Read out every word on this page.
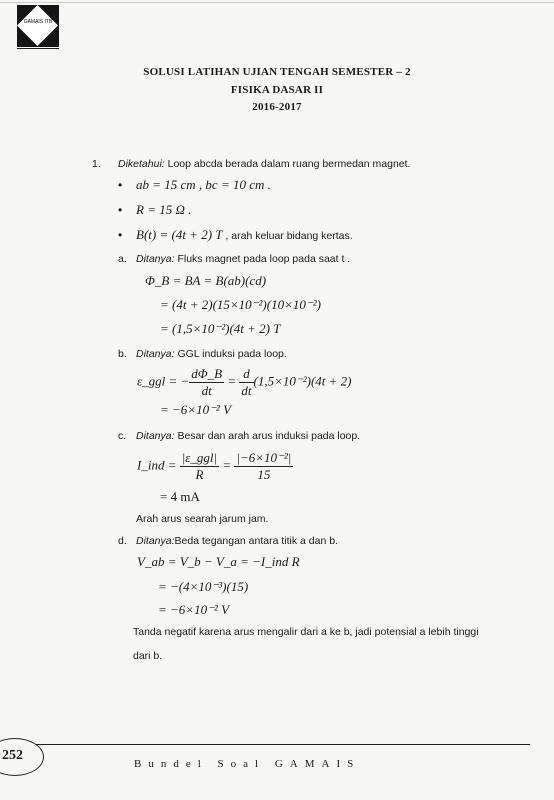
GAMAIS ITB
SOLUSI LATIHAN UJIAN TENGAH SEMESTER – 2
FISIKA DASAR II
2016-2017
1. Diketahui: Loop abcda berada dalam ruang bermedan magnet.
• ab = 15 cm , bc = 10 cm .
• R = 15 Ω .
• B(t) = (4t + 2) T , arah keluar bidang kertas.
a. Ditanya: Fluks magnet pada loop pada saat t .
Φ_B = BA = B(ab)(cd)
= (4t + 2)(15×10⁻²)(10×10⁻²)
= (1,5×10⁻²)(4t + 2) T
b. Ditanya: GGL induksi pada loop.
ε_ggl = − $\frac{d\Phi\_B}{dt} = \frac{d}{dt} (1,5\times 10^{-2})(4t + 2)$
= −6×10⁻² V
c. Ditanya: Besar dan arah arus induksi pada loop.
I_ind = $\frac{\text{|ε\_ggl|}}{R} = \frac{\text{|−6×10⁻²|}}{15}$
= 4 mA
Arah arus searah jarum jam.
d. Ditanya:Beda tegangan antara titik a dan b.
V_ab = V_b − V_a = −I_ind R
= −(4×10⁻³)(15)
= −6×10⁻² V
Tanda negatif karena arus mengalir dari a ke b, jadi potensial a lebih tinggi
dari b.
252
Bundel Soal GAMAIS
